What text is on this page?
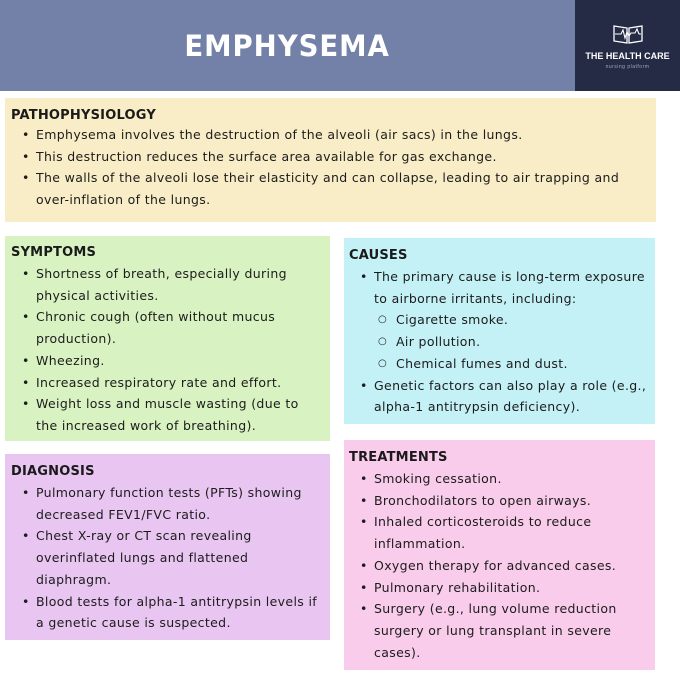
EMPHYSEMA	THE HEALTH CARE
nursing platform
PATHOPHYSIOLOGY
• Emphysema involves the destruction of the alveoli (air sacs) in the lungs.
• This destruction reduces the surface area available for gas exchange.
• The walls of the alveoli lose their elasticity and can collapse, leading to air trapping and over-inflation of the lungs.
SYMPTOMS
• Shortness of breath, especially during physical activities.
• Chronic cough (often without mucus production).
• Wheezing.
• Increased respiratory rate and effort.
• Weight loss and muscle wasting (due to the increased work of breathing).
CAUSES
• The primary cause is long-term exposure to airborne irritants, including:
○ Cigarette smoke.
○ Air pollution.
○ Chemical fumes and dust.
• Genetic factors can also play a role (e.g., alpha-1 antitrypsin deficiency).
DIAGNOSIS
• Pulmonary function tests (PFTs) showing decreased FEV1/FVC ratio.
• Chest X-ray or CT scan revealing overinflated lungs and flattened diaphragm.
• Blood tests for alpha-1 antitrypsin levels if a genetic cause is suspected.
TREATMENTS
• Smoking cessation.
• Bronchodilators to open airways.
• Inhaled corticosteroids to reduce inflammation.
• Oxygen therapy for advanced cases.
• Pulmonary rehabilitation.
• Surgery (e.g., lung volume reduction surgery or lung transplant in severe cases).
